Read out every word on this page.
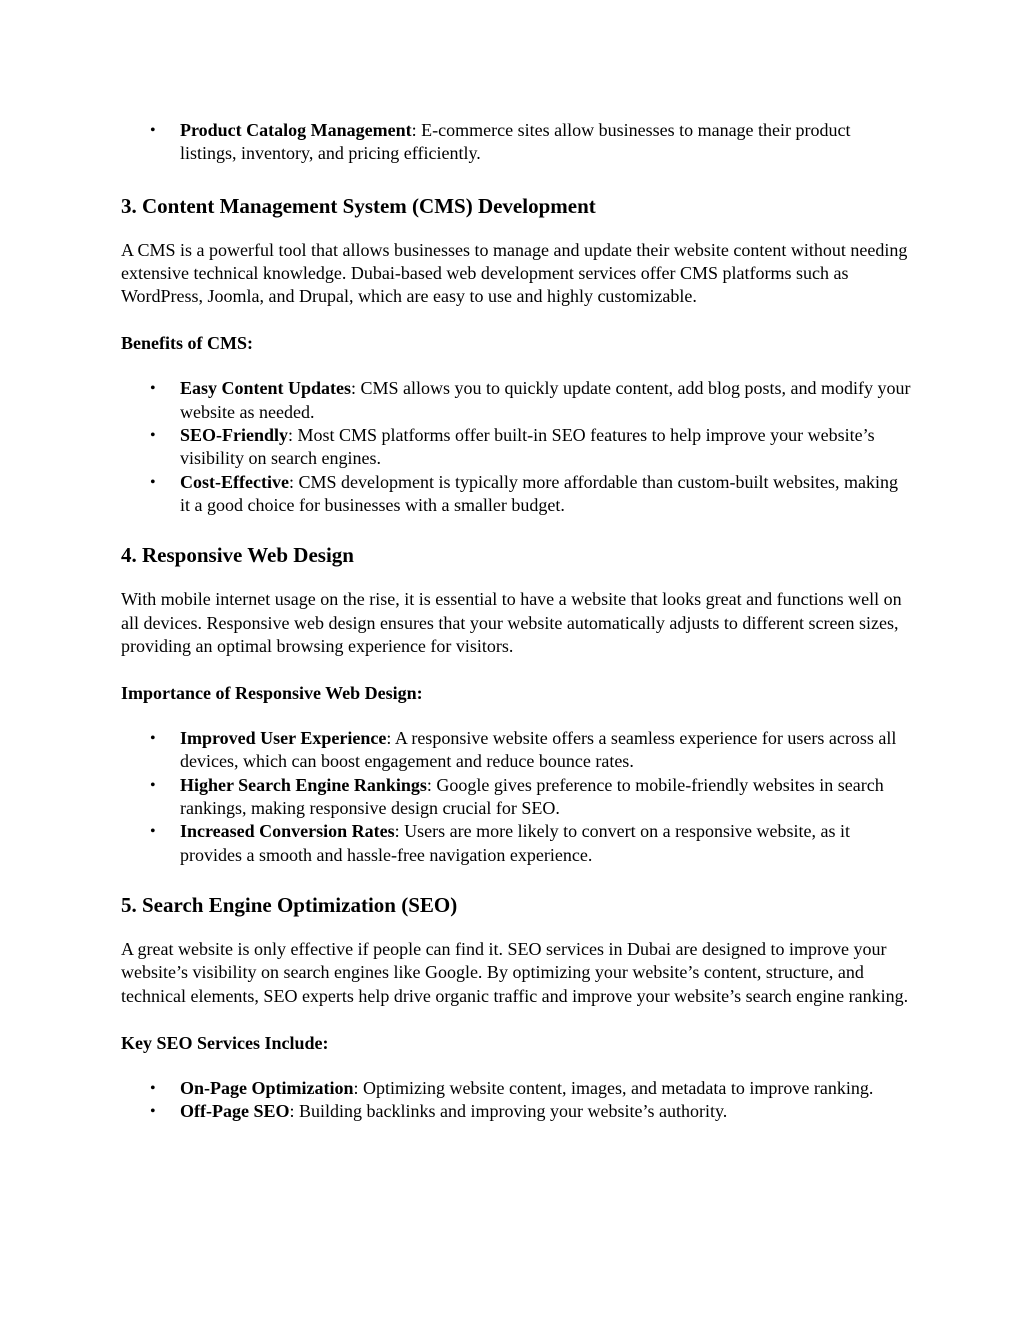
• Product Catalog Management: E-commerce sites allow businesses to manage their product listings, inventory, and pricing efficiently.
3. Content Management System (CMS) Development

A CMS is a powerful tool that allows businesses to manage and update their website content without needing extensive technical knowledge. Dubai-based web development services offer CMS platforms such as WordPress, Joomla, and Drupal, which are easy to use and highly customizable.

Benefits of CMS:

• Easy Content Updates: CMS allows you to quickly update content, add blog posts, and modify your website as needed.
• SEO-Friendly: Most CMS platforms offer built-in SEO features to help improve your website’s visibility on search engines.
• Cost-Effective: CMS development is typically more affordable than custom-built websites, making it a good choice for businesses with a smaller budget.
4. Responsive Web Design

With mobile internet usage on the rise, it is essential to have a website that looks great and functions well on all devices. Responsive web design ensures that your website automatically adjusts to different screen sizes, providing an optimal browsing experience for visitors.

Importance of Responsive Web Design:

• Improved User Experience: A responsive website offers a seamless experience for users across all devices, which can boost engagement and reduce bounce rates.
• Higher Search Engine Rankings: Google gives preference to mobile-friendly websites in search rankings, making responsive design crucial for SEO.
• Increased Conversion Rates: Users are more likely to convert on a responsive website, as it provides a smooth and hassle-free navigation experience.
5. Search Engine Optimization (SEO)

A great website is only effective if people can find it. SEO services in Dubai are designed to improve your website’s visibility on search engines like Google. By optimizing your website’s content, structure, and technical elements, SEO experts help drive organic traffic and improve your website’s search engine ranking.

Key SEO Services Include:

• On-Page Optimization: Optimizing website content, images, and metadata to improve ranking.
• Off-Page SEO: Building backlinks and improving your website’s authority.
